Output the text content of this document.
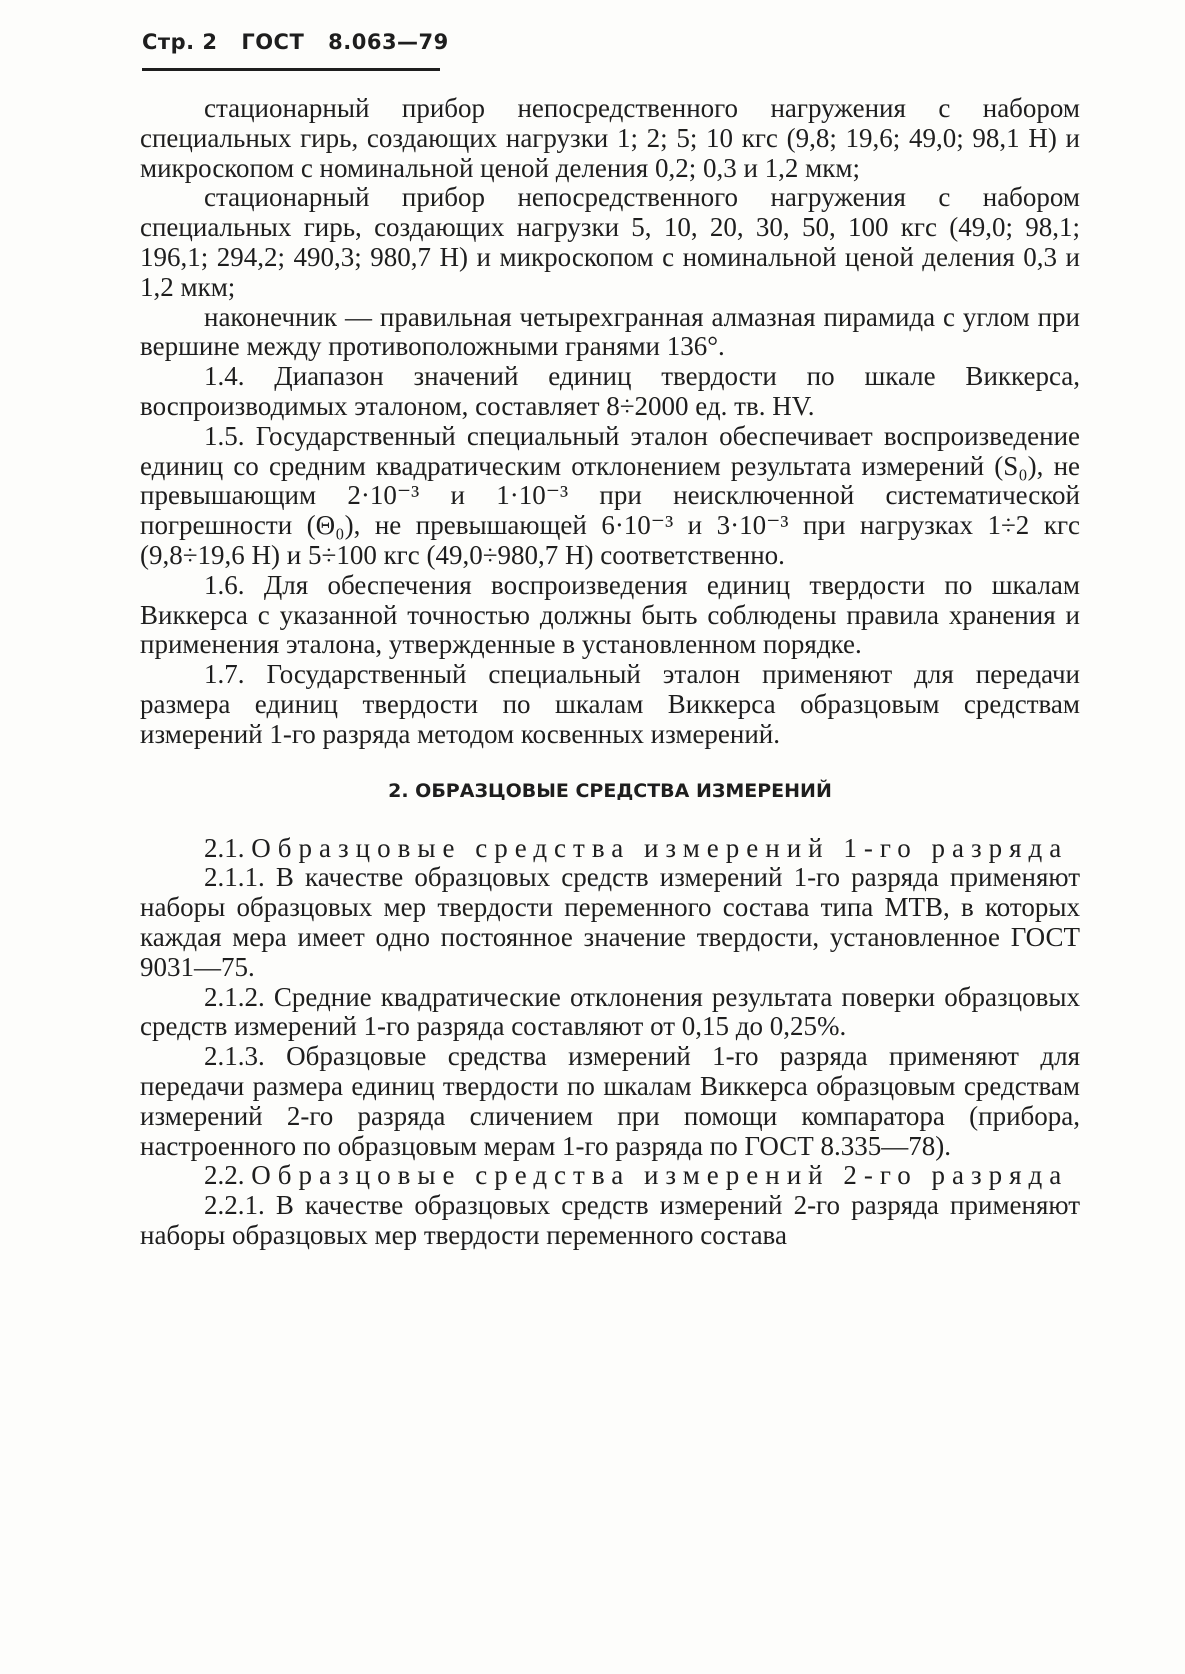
Стр. 2 ГОСТ 8.063—79

стационарный прибор непосредственного нагружения с набором специальных гирь, создающих нагрузки 1; 2; 5; 10 кгс (9,8; 19,6; 49,0; 98,1 Н) и микроскопом с номинальной ценой деления 0,2; 0,3 и 1,2 мкм;

стационарный прибор непосредственного нагружения с набором специальных гирь, создающих нагрузки 5, 10, 20, 30, 50, 100 кгс (49,0; 98,1; 196,1; 294,2; 490,3; 980,7 Н) и микроскопом с номинальной ценой деления 0,3 и 1,2 мкм;

наконечник — правильная четырехгранная алмазная пирамида с углом при вершине между противоположными гранями 136°.

1.4. Диапазон значений единиц твердости по шкале Виккерса, воспроизводимых эталоном, составляет 8÷2000 ед. тв. HV.

1.5. Государственный специальный эталон обеспечивает воспроизведение единиц со средним квадратическим отклонением результата измерений (S₀), не превышающим 2·10⁻³ и 1·10⁻³ при неисключенной систематической погрешности (Θ₀), не превышающей 6·10⁻³ и 3·10⁻³ при нагрузках 1÷2 кгс (9,8÷19,6 Н) и 5÷100 кгс (49,0÷980,7 Н) соответственно.

1.6. Для обеспечения воспроизведения единиц твердости по шкалам Виккерса с указанной точностью должны быть соблюдены правила хранения и применения эталона, утвержденные в установленном порядке.

1.7. Государственный специальный эталон применяют для передачи размера единиц твердости по шкалам Виккерса образцовым средствам измерений 1-го разряда методом косвенных измерений.

2. ОБРАЗЦОВЫЕ СРЕДСТВА ИЗМЕРЕНИЙ

2.1. Образцовые средства измерений 1-го разряда

2.1.1. В качестве образцовых средств измерений 1-го разряда применяют наборы образцовых мер твердости переменного состава типа МТВ, в которых каждая мера имеет одно постоянное значение твердости, установленное ГОСТ 9031—75.

2.1.2. Средние квадратические отклонения результата поверки образцовых средств измерений 1-го разряда составляют от 0,15 до 0,25%.

2.1.3. Образцовые средства измерений 1-го разряда применяют для передачи размера единиц твердости по шкалам Виккерса образцовым средствам измерений 2-го разряда сличением при помощи компаратора (прибора, настроенного по образцовым мерам 1-го разряда по ГОСТ 8.335—78).

2.2. Образцовые средства измерений 2-го разряда

2.2.1. В качестве образцовых средств измерений 2-го разряда применяют наборы образцовых мер твердости переменного состава
